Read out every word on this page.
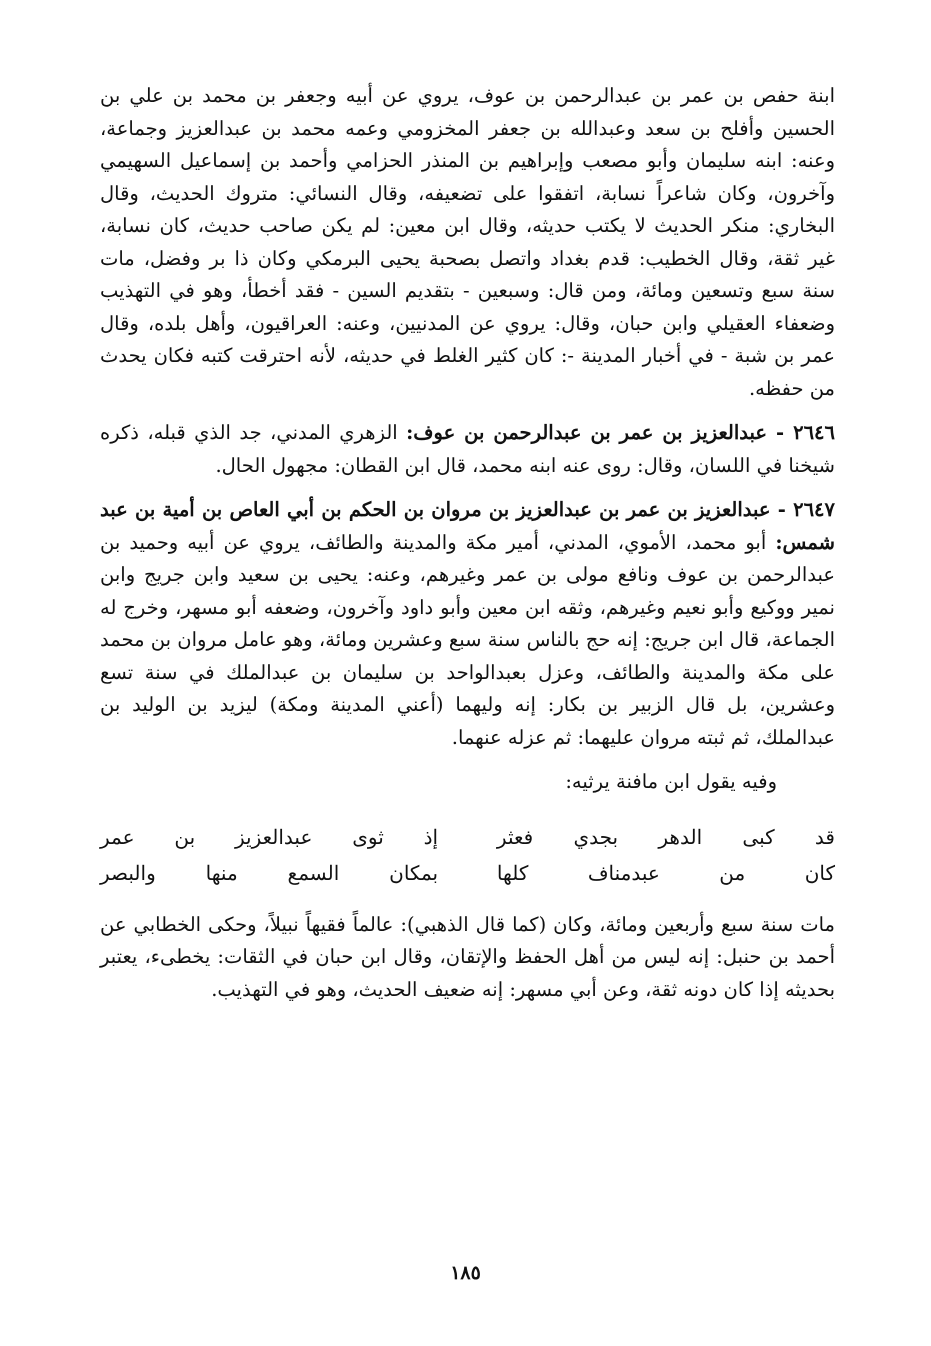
ابنة حفص بن عمر بن عبدالرحمن بن عوف، يروي عن أبيه وجعفر بن محمد بن علي بن الحسين وأفلح بن سعد وعبدالله بن جعفر المخزومي وعمه محمد بن عبدالعزيز وجماعة، وعنه: ابنه سليمان وأبو مصعب وإبراهيم بن المنذر الحزامي وأحمد بن إسماعيل السهيمي وآخرون، وكان شاعراً نسابة، اتفقوا على تضعيفه، وقال النسائي: متروك الحديث، وقال البخاري: منكر الحديث لا يكتب حديثه، وقال ابن معين: لم يكن صاحب حديث، كان نسابة، غير ثقة، وقال الخطيب: قدم بغداد واتصل بصحبة يحيى البرمكي وكان ذا بر وفضل، مات سنة سبع وتسعين ومائة، ومن قال: وسبعين - بتقديم السين - فقد أخطأ، وهو في التهذيب وضعفاء العقيلي وابن حبان، وقال: يروي عن المدنيين، وعنه: العراقيون، وأهل بلده، وقال عمر بن شبة - في أخبار المدينة -: كان كثير الغلط في حديثه، لأنه احترقت كتبه فكان يحدث من حفظه.

٢٦٤٦ - عبدالعزيز بن عمر بن عبدالرحمن بن عوف: الزهري المدني، جد الذي قبله، ذكره شيخنا في اللسان، وقال: روى عنه ابنه محمد، قال ابن القطان: مجهول الحال.

٢٦٤٧ - عبدالعزيز بن عمر بن عبدالعزيز بن مروان بن الحكم بن أبي العاص بن أمية بن عبد شمس: أبو محمد، الأموي، المدني، أمير مكة والمدينة والطائف، يروي عن أبيه وحميد بن عبدالرحمن بن عوف ونافع مولى بن عمر وغيرهم، وعنه: يحيى بن سعيد وابن جريج وابن نمير ووكيع وأبو نعيم وغيرهم، وثقه ابن معين وأبو داود وآخرون، وضعفه أبو مسهر، وخرج له الجماعة، قال ابن جريج: إنه حج بالناس سنة سبع وعشرين ومائة، وهو عامل مروان بن محمد على مكة والمدينة والطائف، وعزل بعبدالواحد بن سليمان بن عبدالملك في سنة تسع وعشرين، بل قال الزبير بن بكار: إنه وليهما (أعني المدينة ومكة) ليزيد بن الوليد بن عبدالملك، ثم ثبته مروان عليهما: ثم عزله عنهما.

وفيه يقول ابن مافنة يرثيه:

قد كبى الدهر بجدي فعثر
إذ ثوى عبدالعزيز بن عمر
كان من عبدمناف كلها
بمكان السمع منها والبصر

مات سنة سبع وأربعين ومائة، وكان (كما قال الذهبي): عالماً فقيهاً نبيلاً، وحكى الخطابي عن أحمد بن حنبل: إنه ليس من أهل الحفظ والإتقان، وقال ابن حبان في الثقات: يخطىء، يعتبر بحديثه إذا كان دونه ثقة، وعن أبي مسهر: إنه ضعيف الحديث، وهو في التهذيب.

١٨٥
